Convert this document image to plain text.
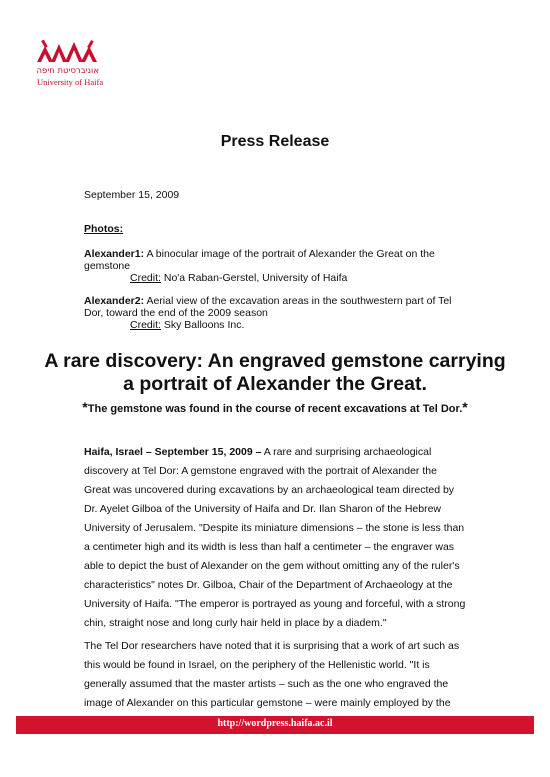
אוניברסיטת חיפה
University of Haifa
Press Release
September 15, 2009
Photos:
Alexander1: A binocular image of the portrait of Alexander the Great on the gemstone
Credit: No'a Raban-Gerstel, University of Haifa
Alexander2: Aerial view of the excavation areas in the southwestern part of Tel Dor, toward the end of the 2009 season
Credit: Sky Balloons Inc.
A rare discovery: An engraved gemstone carrying a portrait of Alexander the Great.
*The gemstone was found in the course of recent excavations at Tel Dor.*
Haifa, Israel – September 15, 2009 – A rare and surprising archaeological discovery at Tel Dor: A gemstone engraved with the portrait of Alexander the Great was uncovered during excavations by an archaeological team directed by Dr. Ayelet Gilboa of the University of Haifa and Dr. Ilan Sharon of the Hebrew University of Jerusalem. "Despite its miniature dimensions – the stone is less than a centimeter high and its width is less than half a centimeter – the engraver was able to depict the bust of Alexander on the gem without omitting any of the ruler's characteristics" notes Dr. Gilboa, Chair of the Department of Archaeology at the University of Haifa. "The emperor is portrayed as young and forceful, with a strong chin, straight nose and long curly hair held in place by a diadem."
The Tel Dor researchers have noted that it is surprising that a work of art such as this would be found in Israel, on the periphery of the Hellenistic world. "It is generally assumed that the master artists – such as the one who engraved the image of Alexander on this particular gemstone – were mainly employed by the
http://wordpress.haifa.ac.il
